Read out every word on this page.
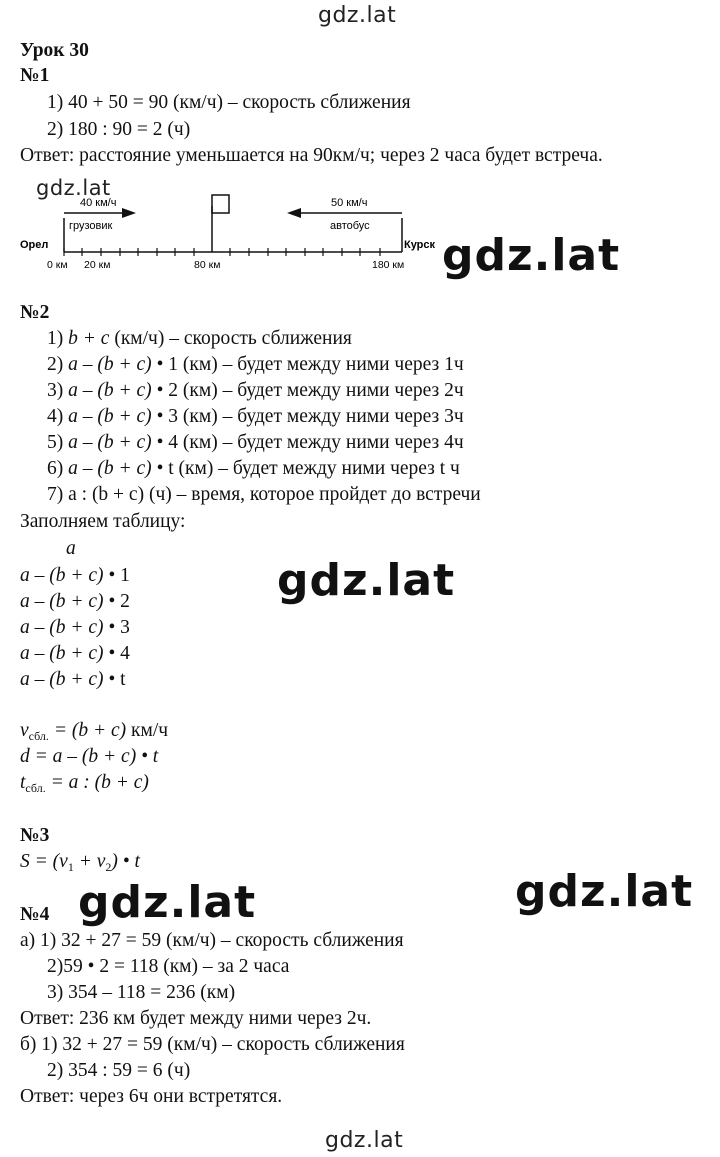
gdz.lat
gdz.lat
gdz.lat
gdz.lat
gdz.lat	gdz.lat
gdz.lat
Урок 30
№1
1) 40 + 50 = 90 (км/ч) – скорость сближения
2) 180 : 90 = 2 (ч)
Ответ: расстояние уменьшается на 90км/ч; через 2 часа будет встреча.
40 км/ч
грузовик
50 км/ч
автобус
Орел	Курск
0 км 20 км	80 км	180 км
№2
1) b + c (км/ч) – скорость сближения
2) a – (b + c) • 1 (км) – будет между ними через 1ч
3) a – (b + c) • 2 (км) – будет между ними через 2ч
4) a – (b + c) • 3 (км) – будет между ними через 3ч
5) a – (b + c) • 4 (км) – будет между ними через 4ч
6) a – (b + c) • t (км) – будет между ними через t ч
7) a : (b + c) (ч) – время, которое пройдет до встречи
Заполняем таблицу:
a
a – (b + c) • 1
a – (b + c) • 2
a – (b + c) • 3
a – (b + c) • 4
a – (b + c) • t
$v_{сбл.} = (b + c)$ км/ч
d = a – (b + c) • t
$t_{сбл.} = a$ : (b + c)
№3
$S = (v_1 + v_2)$ • t
№4
а) 1) 32 + 27 = 59 (км/ч) – скорость сближения
2)59 • 2 = 118 (км) – за 2 часа
3) 354 – 118 = 236 (км)
Ответ: 236 км будет между ними через 2ч.
б) 1) 32 + 27 = 59 (км/ч) – скорость сближения
2) 354 : 59 = 6 (ч)
Ответ: через 6ч они встретятся.
